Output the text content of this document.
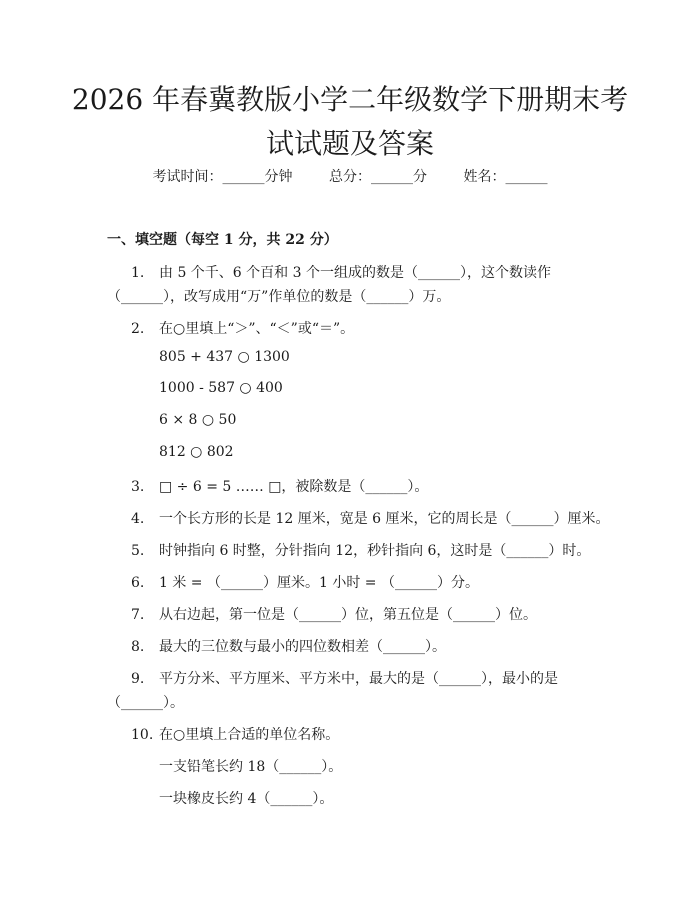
2026 年春冀教版小学二年级数学下册期末考
试试题及答案
考试时间：______分钟	总分：______分	姓名：______
一、填空题（每空 1 分，共 22 分）
1. 由 5 个千、6 个百和 3 个一组成的数是（______），这个数读作
（______），改写成用“万”作单位的数是（______）万。
2. 在○里填上“＞”、“＜”或“＝”。
805 + 437 ○ 1300
1000 - 587 ○ 400
6 × 8 ○ 50
812 ○ 802
3. □ ÷ 6 = 5 …… □，被除数是（______）。
4. 一个长方形的长是 12 厘米，宽是 6 厘米，它的周长是（______）厘米。
5. 时钟指向 6 时整，分针指向 12，秒针指向 6，这时是（______）时。
6. 1 米 = （______）厘米。1 小时 = （______）分。
7. 从右边起，第一位是（______）位，第五位是（______）位。
8. 最大的三位数与最小的四位数相差（______）。
9. 平方分米、平方厘米、平方米中，最大的是（______），最小的是
（______）。
10. 在○里填上合适的单位名称。
一支铅笔长约 18（______）。
一块橡皮长约 4（______）。
